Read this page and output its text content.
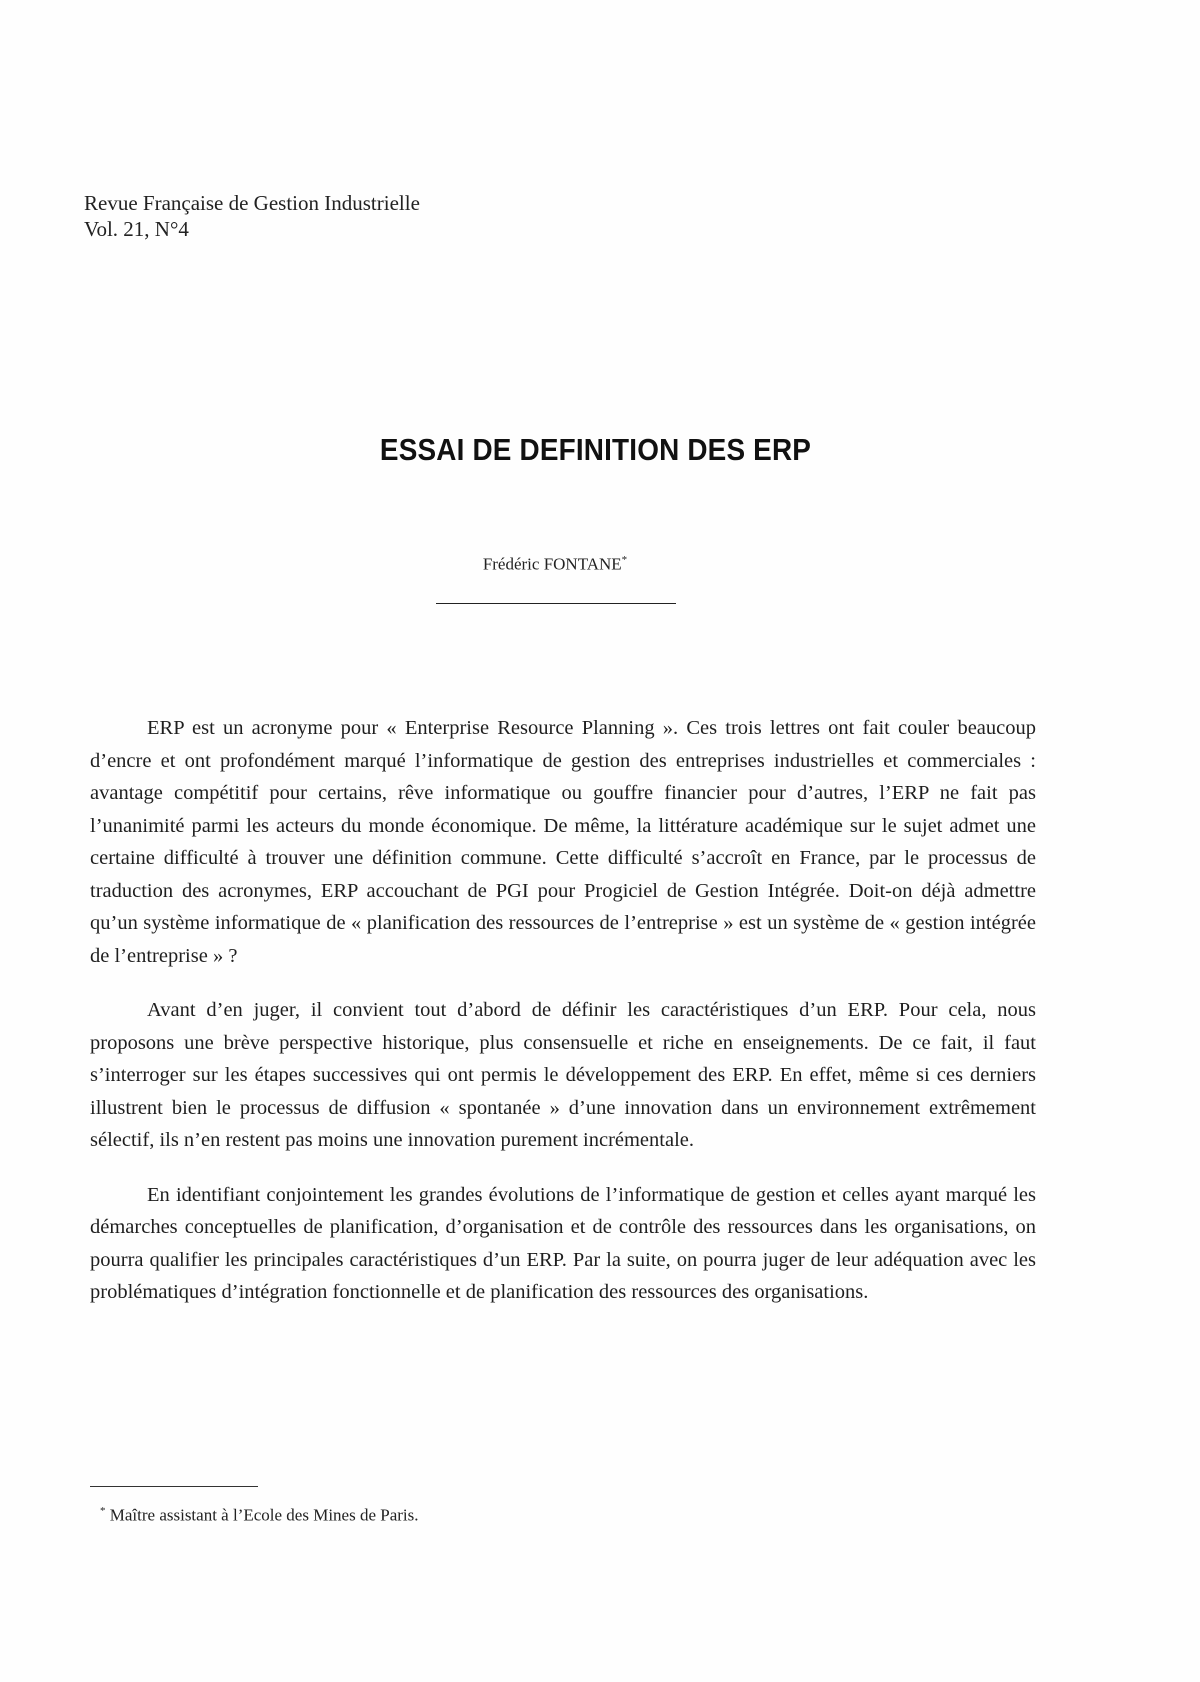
Revue Française de Gestion Industrielle
Vol. 21, N°4
ESSAI DE DEFINITION DES ERP
Frédéric FONTANE*

ERP est un acronyme pour « Enterprise Resource Planning ». Ces trois lettres ont fait couler beaucoup d’encre et ont profondément marqué l’informatique de gestion des entreprises industrielles et commerciales : avantage compétitif pour certains, rêve informatique ou gouffre financier pour d’autres, l’ERP ne fait pas l’unanimité parmi les acteurs du monde économique. De même, la littérature académique sur le sujet admet une certaine difficulté à trouver une définition commune. Cette difficulté s’accroît en France, par le processus de traduction des acronymes, ERP accouchant de PGI pour Progiciel de Gestion Intégrée. Doit-on déjà admettre qu’un système informatique de « planification des ressources de l’entreprise » est un système de « gestion intégrée de l’entreprise » ?

Avant d’en juger, il convient tout d’abord de définir les caractéristiques d’un ERP. Pour cela, nous proposons une brève perspective historique, plus consensuelle et riche en enseignements. De ce fait, il faut s’interroger sur les étapes successives qui ont permis le développement des ERP. En effet, même si ces derniers illustrent bien le processus de diffusion « spontanée » d’une innovation dans un environnement extrêmement sélectif, ils n’en restent pas moins une innovation purement incrémentale.

En identifiant conjointement les grandes évolutions de l’informatique de gestion et celles ayant marqué les démarches conceptuelles de planification, d’organisation et de contrôle des ressources dans les organisations, on pourra qualifier les principales caractéristiques d’un ERP. Par la suite, on pourra juger de leur adéquation avec les problématiques d’intégration fonctionnelle et de planification des ressources des organisations.

* Maître assistant à l’Ecole des Mines de Paris.
